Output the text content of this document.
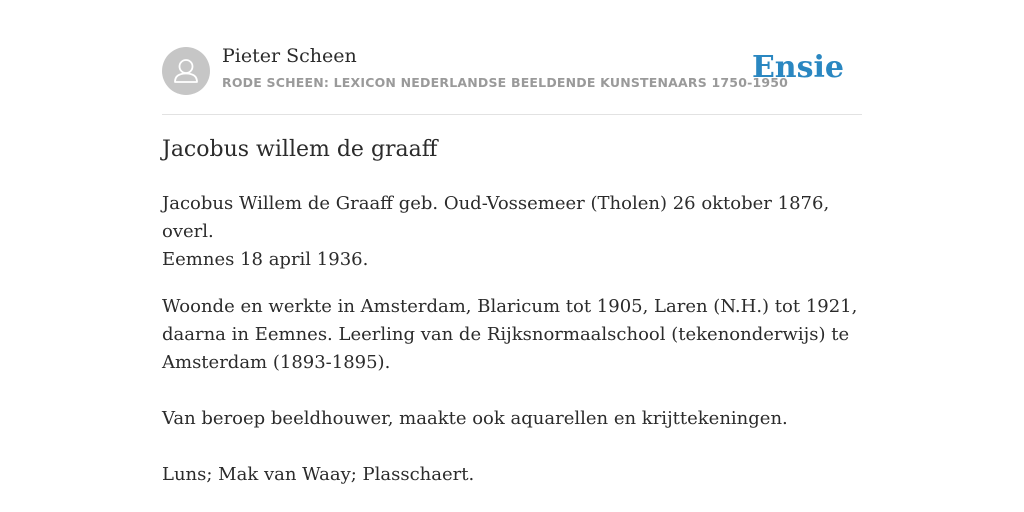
Pieter Scheen
RODE SCHEEN: LEXICON NEDERLANDSE BEELDENDE KUNSTENAARS 1750-1950
Ensie
Jacobus willem de graaff

Jacobus Willem de Graaff geb. Oud-Vossemeer (Tholen) 26 oktober 1876, overl.
Eemnes 18 april 1936.

Woonde en werkte in Amsterdam, Blaricum tot 1905, Laren (N.H.) tot 1921,
daarna in Eemnes. Leerling van de Rijksnormaalschool (tekenonderwijs) te
Amsterdam (1893-1895).
Van beroep beeldhouwer, maakte ook aquarellen en krijttekeningen.
Luns; Mak van Waay; Plasschaert.
